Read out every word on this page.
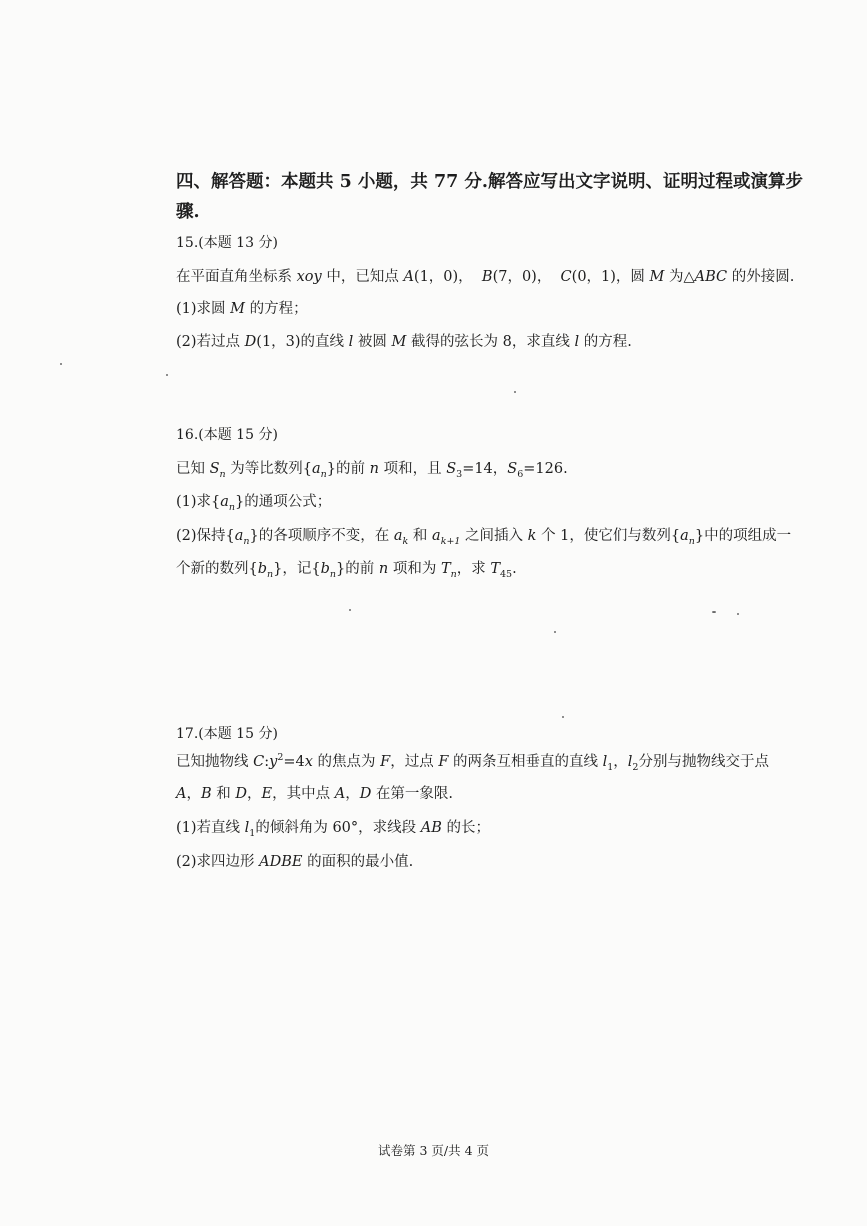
四、解答题：本题共 5 小题，共 77 分.解答应写出文字说明、证明过程或演算步
骤.
15.(本题 13 分)
在平面直角坐标系 xoy 中，已知点 A(1，0)， B(7，0)， C(0，1)，圆 M 为△ABC 的外接圆.
(1)求圆 M 的方程；
(2)若过点 D(1，3)的直线 l 被圆 M 截得的弦长为 8，求直线 l 的方程.
16.(本题 15 分)
已知 $S_n$ 为等比数列$\{a_n\}$的前 n 项和，且 $S_3=14$，$S_6=126$.
(1)求$\{a_n\}$的通项公式；
(2)保持$\{a_n\}$的各项顺序不变，在 $a_k$ 和 $a_{k+1}$ 之间插入 k 个 1，使它们与数列$\{a_n\}$中的项组成一
个新的数列$\{b_n\}$，记$\{b_n\}$的前 n 项和为 $T_n$，求 $T_{45}$.
17.(本题 15 分)
已知抛物线 $C:y^2=4x$ 的焦点为 F，过点 F 的两条互相垂直的直线 $l_1$，$l_2$分别与抛物线交于点
A，B 和 D，E，其中点 A，D 在第一象限.
(1)若直线 $l_1$的倾斜角为 60°，求线段 AB 的长；
(2)求四边形 ADBE 的面积的最小值.
试卷第 3 页/共 4 页
